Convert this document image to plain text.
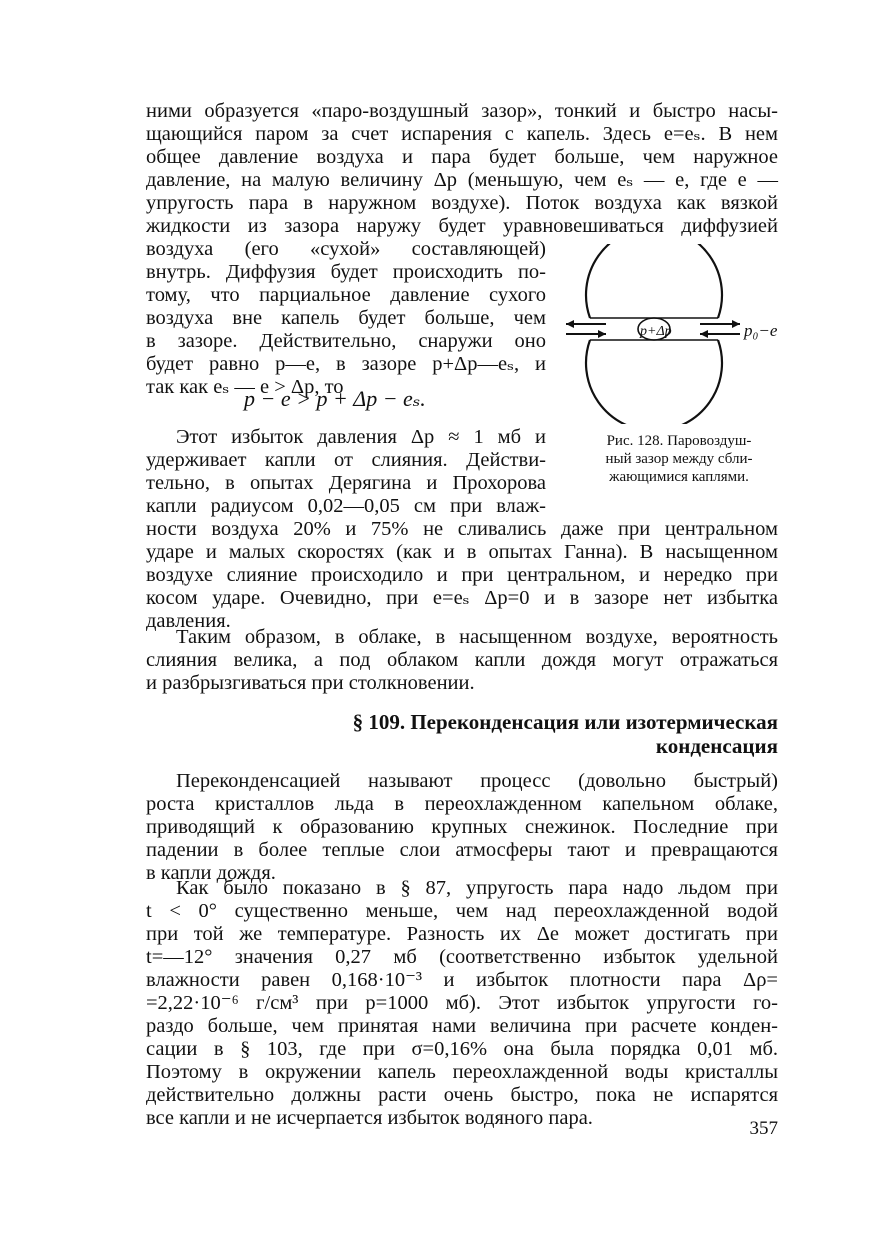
ними образуется «паро-воздушный зазор», тонкий и быстро насы-
щающийся паром за счет испарения с капель. Здесь e=eₛ. В нем
общее давление воздуха и пара будет больше, чем наружное
давление, на малую величину Δp (меньшую, чем eₛ — e, где e —
упругость пара в наружном воздухе). Поток воздуха как вязкой
жидкости из зазора наружу будет уравновешиваться диффузией
воздуха (его «сухой» составляющей)
внутрь. Диффузия будет происходить по-
тому, что парциальное давление сухого
воздуха вне капель будет больше, чем
в зазоре. Действительно, снаружи оно
будет равно p—e, в зазоре p+Δp—eₛ, и
так как eₛ — e > Δp, то
p − e > p + Δp − eₛ.
Этот избыток давления Δp ≈ 1 мб и
удерживает капли от слияния. Действи-
тельно, в опытах Дерягина и Прохорова
капли радиусом 0,02—0,05 см при влаж-
p+Δp	p₀−e
Рис. 128. Паровоздуш-
ный зазор между сбли-
жающимися каплями.
ности воздуха 20% и 75% не сливались даже при центральном
ударе и малых скоростях (как и в опытах Ганна). В насыщенном
воздухе слияние происходило и при центральном, и нередко при
косом ударе. Очевидно, при e=eₛ Δp=0 и в зазоре нет избытка
давления.
Таким образом, в облаке, в насыщенном воздухе, вероятность
слияния велика, а под облаком капли дождя могут отражаться
и разбрызгиваться при столкновении.
§ 109. Переконденсация или изотермическая
конденсация
Переконденсацией называют процесс (довольно быстрый)
роста кристаллов льда в переохлажденном капельном облаке,
приводящий к образованию крупных снежинок. Последние при
падении в более теплые слои атмосферы тают и превращаются
в капли дождя.
Как было показано в § 87, упругость пара надо льдом при
t < 0° существенно меньше, чем над переохлажденной водой
при той же температуре. Разность их Δe может достигать при
t=—12° значения 0,27 мб (соответственно избыток удельной
влажности равен 0,168·10⁻³ и избыток плотности пара Δρ=
=2,22·10⁻⁶ г/см³ при p=1000 мб). Этот избыток упругости го-
раздо больше, чем принятая нами величина при расчете конден-
сации в § 103, где при σ=0,16% она была порядка 0,01 мб.
Поэтому в окружении капель переохлажденной воды кристаллы
действительно должны расти очень быстро, пока не испарятся
все капли и не исчерпается избыток водяного пара.	357
